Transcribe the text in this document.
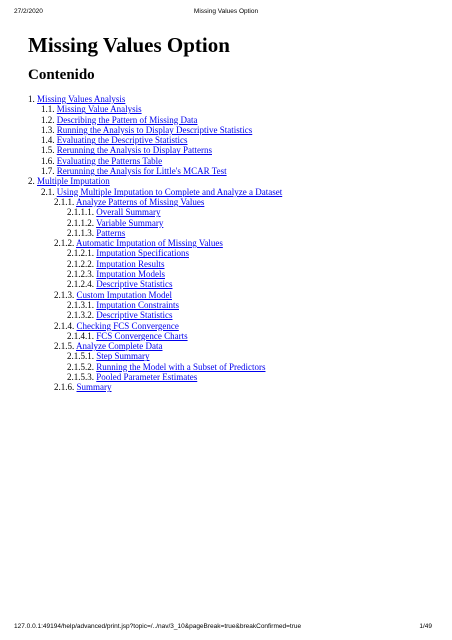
27/2/2020	Missing Values Option
Missing Values Option
Contenido
1. Missing Values Analysis
1.1. Missing Value Analysis
1.2. Describing the Pattern of Missing Data
1.3. Running the Analysis to Display Descriptive Statistics
1.4. Evaluating the Descriptive Statistics
1.5. Rerunning the Analysis to Display Patterns
1.6. Evaluating the Patterns Table
1.7. Rerunning the Analysis for Little's MCAR Test
2. Multiple Imputation
2.1. Using Multiple Imputation to Complete and Analyze a Dataset
2.1.1. Analyze Patterns of Missing Values
2.1.1.1. Overall Summary
2.1.1.2. Variable Summary
2.1.1.3. Patterns
2.1.2. Automatic Imputation of Missing Values
2.1.2.1. Imputation Specifications
2.1.2.2. Imputation Results
2.1.2.3. Imputation Models
2.1.2.4. Descriptive Statistics
2.1.3. Custom Imputation Model
2.1.3.1. Imputation Constraints
2.1.3.2. Descriptive Statistics
2.1.4. Checking FCS Convergence
2.1.4.1. FCS Convergence Charts
2.1.5. Analyze Complete Data
2.1.5.1. Step Summary
2.1.5.2. Running the Model with a Subset of Predictors
2.1.5.3. Pooled Parameter Estimates
2.1.6. Summary
127.0.0.1:49194/help/advanced/print.jsp?topic=/../nav/3_10&pageBreak=true&breakConfirmed=true	1/49
